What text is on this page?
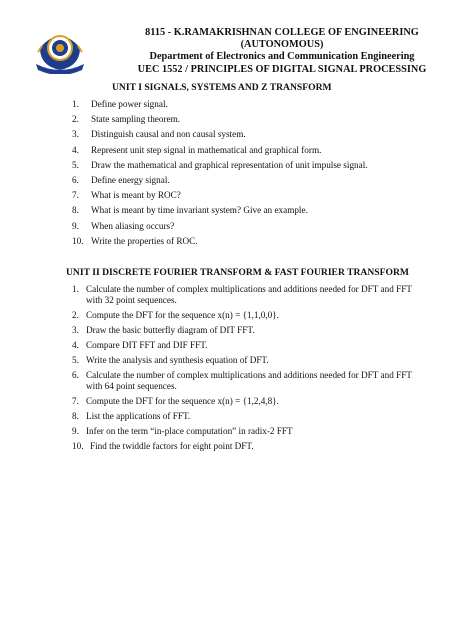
8115 - K.RAMAKRISHNAN COLLEGE OF ENGINEERING
(AUTONOMOUS)
Department of Electronics and Communication Engineering
UEC 1552 / PRINCIPLES OF DIGITAL SIGNAL PROCESSING
UNIT I SIGNALS, SYSTEMS AND Z TRANSFORM
1.	Define power signal.
2.	State sampling theorem.
3.	Distinguish causal and non causal system.
4.	Represent unit step signal in mathematical and graphical form.
5.	Draw the mathematical and graphical representation of unit impulse signal.
6.	Define energy signal.
7.	What is meant by ROC?
8.	What is meant by time invariant system? Give an example.
9.	When aliasing occurs?
10. Write the properties of ROC.
UNIT II DISCRETE FOURIER TRANSFORM & FAST FOURIER TRANSFORM
1. Calculate the number of complex multiplications and additions needed for DFT and FFT with 32 point sequences.
2. Compute the DFT for the sequence x(n) = {1,1,0,0}.
3. Draw the basic butterfly diagram of DIT FFT.
4. Compare DIT FFT and DIF FFT.
5. Write the analysis and synthesis equation of DFT.
6. Calculate the number of complex multiplications and additions needed for DFT and FFT with 64 point sequences.
7. Compute the DFT for the sequence x(n) = {1,2,4,8}.
8. List the applications of FFT.
9. Infer on the term “in-place computation” in radix-2 FFT
10. Find the twiddle factors for eight point DFT.
